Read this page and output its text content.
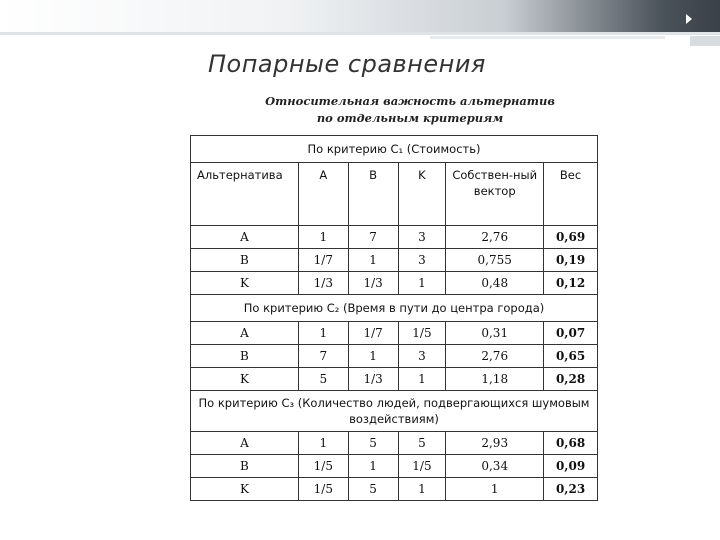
Попарные сравнения
Относительная важность альтернатив
по отдельным критериям
По критерию C₁ (Стоимость)					
Альтернатива	A	B	K	Собствен-ный вектор	Вес
A	1	7	3	2,76	0,69
B	1/7	1	3	0,755	0,19
K	1/3	1/3	1	0,48	0,12
По критерию C₂ (Время в пути до центра города)					
A	1	1/7	1/5	0,31	0,07
B	7	1	3	2,76	0,65
K	5	1/3	1	1,18	0,28
По критерию C₃ (Количество людей, подвергающихся шумовым воздействиям)					
A	1	5	5	2,93	0,68
B	1/5	1	1/5	0,34	0,09
K	1/5	5	1	1	0,23
